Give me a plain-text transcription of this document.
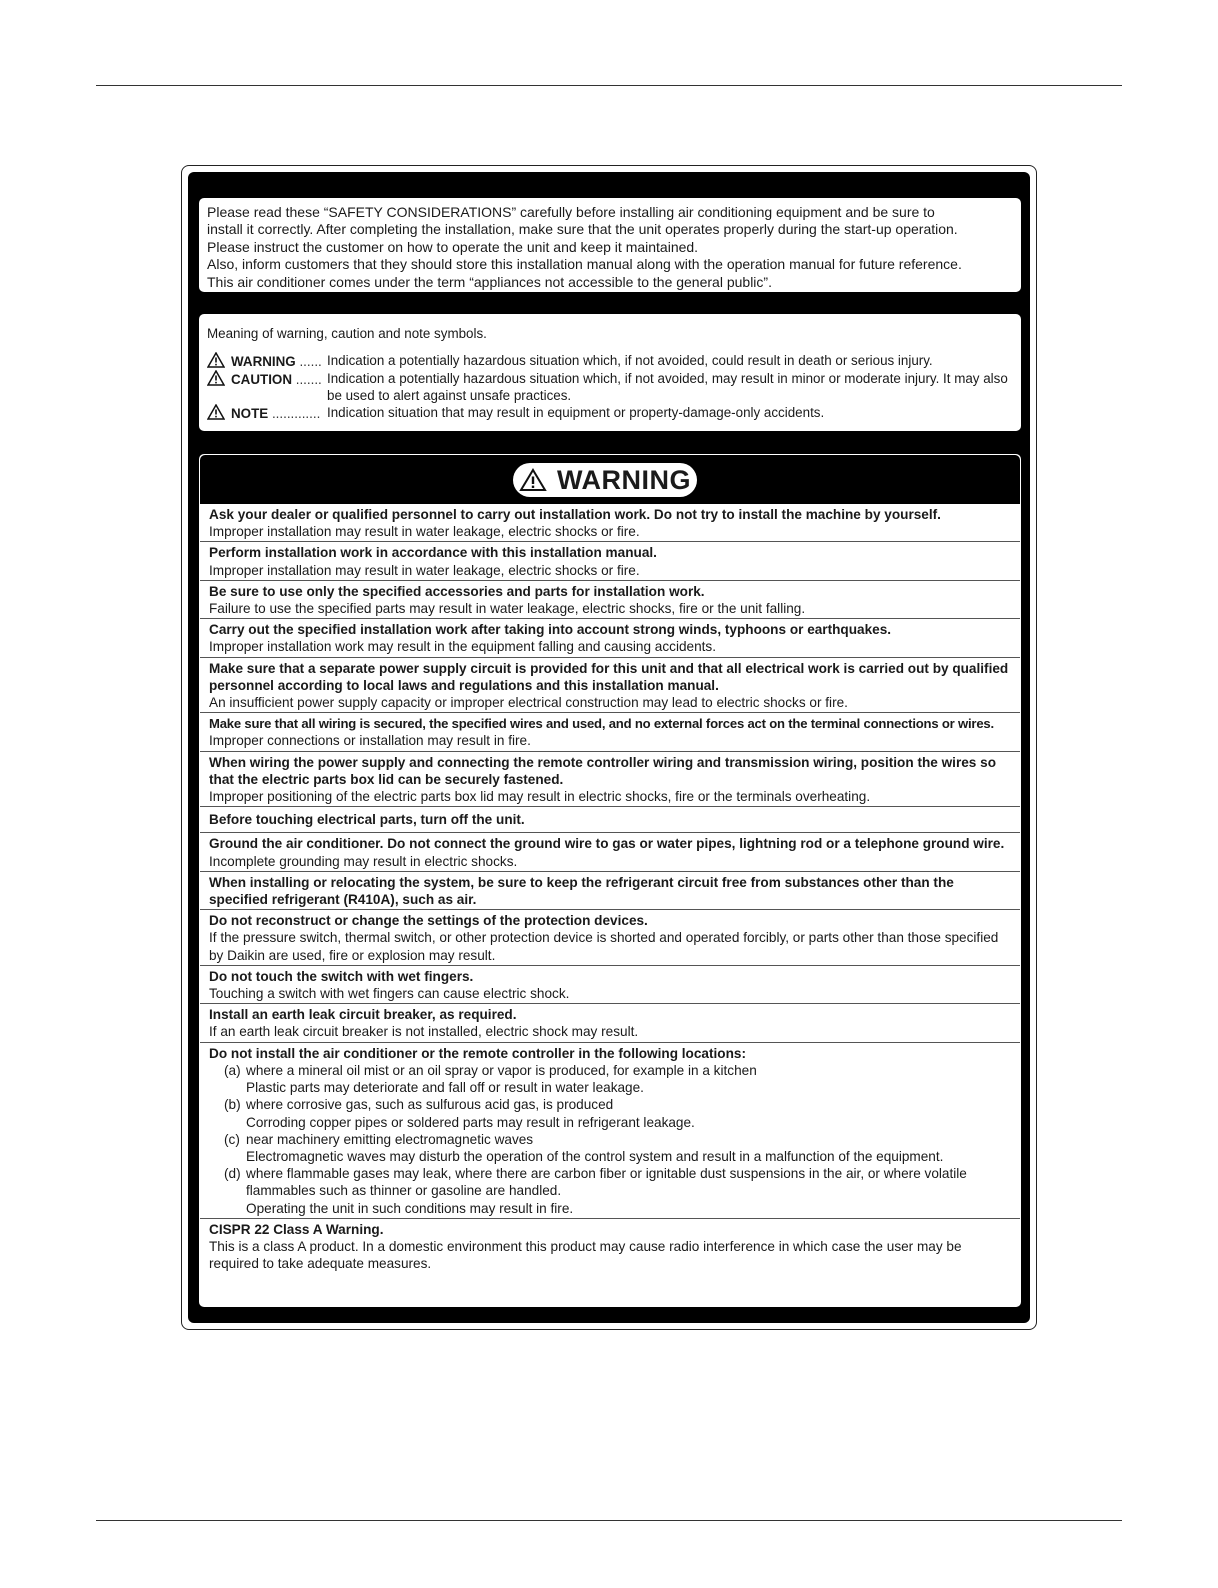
Please read these “SAFETY CONSIDERATIONS” carefully before installing air conditioning equipment and be sure to

install it correctly. After completing the installation, make sure that the unit operates properly during the start-up operation.

Please instruct the customer on how to operate the unit and keep it maintained.

Also, inform customers that they should store this installation manual along with the operation manual for future reference.

This air conditioner comes under the term “appliances not accessible to the general public”.

Meaning of warning, caution and note symbols.
WARNING ...... Indication a potentially hazardous situation which, if not avoided, could result in death or serious injury.
CAUTION ....... Indication a potentially hazardous situation which, if not avoided, may result in minor or moderate injury. It may also be used to alert against unsafe practices.
NOTE ............. Indication situation that may result in equipment or property-damage-only accidents.
WARNING
Ask your dealer or qualified personnel to carry out installation work. Do not try to install the machine by yourself.
Improper installation may result in water leakage, electric shocks or fire.
Perform installation work in accordance with this installation manual.
Improper installation may result in water leakage, electric shocks or fire.
Be sure to use only the specified accessories and parts for installation work.
Failure to use the specified parts may result in water leakage, electric shocks, fire or the unit falling.
Carry out the specified installation work after taking into account strong winds, typhoons or earthquakes.
Improper installation work may result in the equipment falling and causing accidents.
Make sure that a separate power supply circuit is provided for this unit and that all electrical work is carried out by qualified personnel according to local laws and regulations and this installation manual.
An insufficient power supply capacity or improper electrical construction may lead to electric shocks or fire.
Make sure that all wiring is secured, the specified wires and used, and no external forces act on the terminal connections or wires.
Improper connections or installation may result in fire.
When wiring the power supply and connecting the remote controller wiring and transmission wiring, position the wires so that the electric parts box lid can be securely fastened.
Improper positioning of the electric parts box lid may result in electric shocks, fire or the terminals overheating.
Before touching electrical parts, turn off the unit.
Ground the air conditioner. Do not connect the ground wire to gas or water pipes, lightning rod or a telephone ground wire.
Incomplete grounding may result in electric shocks.
When installing or relocating the system, be sure to keep the refrigerant circuit free from substances other than the specified refrigerant (R410A), such as air.
Do not reconstruct or change the settings of the protection devices.
If the pressure switch, thermal switch, or other protection device is shorted and operated forcibly, or parts other than those specified by Daikin are used, fire or explosion may result.
Do not touch the switch with wet fingers.
Touching a switch with wet fingers can cause electric shock.
Install an earth leak circuit breaker, as required.
If an earth leak circuit breaker is not installed, electric shock may result.
Do not install the air conditioner or the remote controller in the following locations:
(a) where a mineral oil mist or an oil spray or vapor is produced, for example in a kitchen
Plastic parts may deteriorate and fall off or result in water leakage.
(b) where corrosive gas, such as sulfurous acid gas, is produced
Corroding copper pipes or soldered parts may result in refrigerant leakage.
(c) near machinery emitting electromagnetic waves
Electromagnetic waves may disturb the operation of the control system and result in a malfunction of the equipment.
(d) where flammable gases may leak, where there are carbon fiber or ignitable dust suspensions in the air, or where volatile flammables such as thinner or gasoline are handled.
Operating the unit in such conditions may result in fire.
CISPR 22 Class A Warning.
This is a class A product. In a domestic environment this product may cause radio interference in which case the user may be required to take adequate measures.
